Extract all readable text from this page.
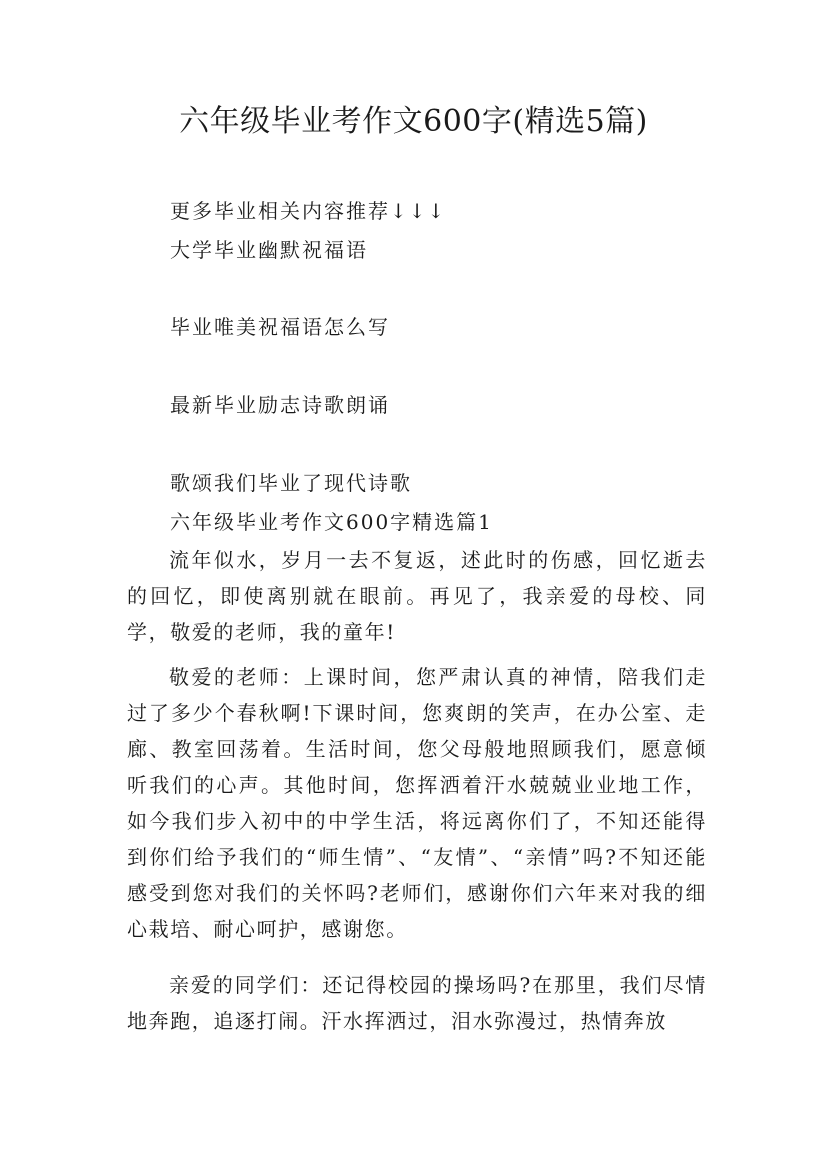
六年级毕业考作文600字(精选5篇)
更多毕业相关内容推荐↓↓↓
大学毕业幽默祝福语
毕业唯美祝福语怎么写
最新毕业励志诗歌朗诵
歌颂我们毕业了现代诗歌
六年级毕业考作文600字精选篇1

流年似水，岁月一去不复返，述此时的伤感，回忆逝去的回忆，即使离别就在眼前。再见了，我亲爱的母校、同学，敬爱的老师，我的童年!

敬爱的老师：上课时间，您严肃认真的神情，陪我们走过了多少个春秋啊!下课时间，您爽朗的笑声，在办公室、走廊、教室回荡着。生活时间，您父母般地照顾我们，愿意倾听我们的心声。其他时间，您挥洒着汗水兢兢业业地工作，如今我们步入初中的中学生活，将远离你们了，不知还能得到你们给予我们的“师生情”、“友情”、“亲情”吗?不知还能感受到您对我们的关怀吗?老师们，感谢你们六年来对我的细心栽培、耐心呵护，感谢您。

亲爱的同学们：还记得校园的操场吗?在那里，我们尽情地奔跑，追逐打闹。汗水挥洒过，泪水弥漫过，热情奔放
